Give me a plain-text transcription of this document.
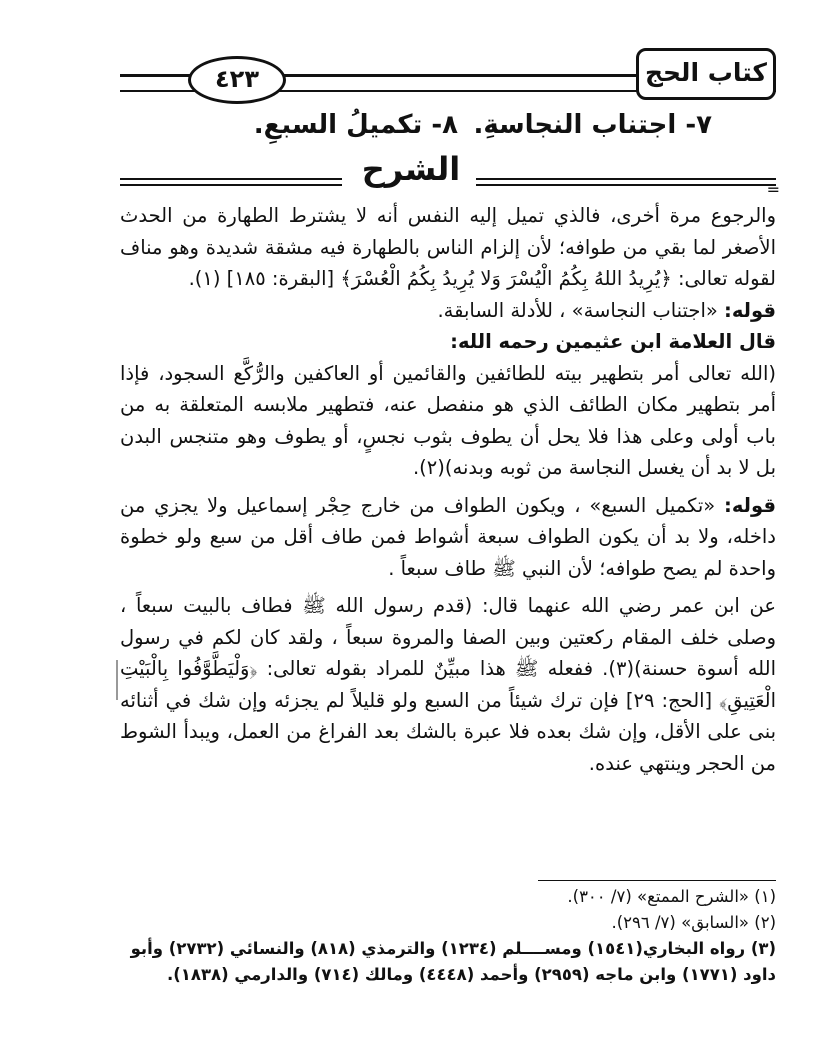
٤٢٣	كتاب الحج
٧- اجتناب النجاسةِ.
٨- تكميلُ السبعِ.
الشرح
=

والرجوع مرة أخرى، فالذي تميل إليه النفس أنه لا يشترط الطهارة من الحدث الأصغر لما بقي من طوافه؛ لأن إلزام الناس بالطهارة فيه مشقة شديدة وهو مناف لقوله تعالى: ﴿يُرِيدُ اللهُ بِكُمُ الْيُسْرَ وَلا يُرِيدُ بِكُمُ الْعُسْرَ﴾ [البقرة: ١٨٥] (١).

قوله: «اجتناب النجاسة» ، للأدلة السابقة.

قال العلامة ابن عثيمين رحمه الله:

(الله تعالى أمر بتطهير بيته للطائفين والقائمين أو العاكفين والرُّكَّع السجود، فإذا أمر بتطهير مكان الطائف الذي هو منفصل عنه، فتطهير ملابسه المتعلقة به من باب أولى وعلى هذا فلا يحل أن يطوف بثوب نجسٍ، أو يطوف وهو متنجس البدن بل لا بد أن يغسل النجاسة من ثوبه وبدنه)(٢).

قوله: «تكميل السبع» ، ويكون الطواف من خارج حِجْر إسماعيل ولا يجزي من داخله، ولا بد أن يكون الطواف سبعة أشواط فمن طاف أقل من سبع ولو خطوة واحدة لم يصح طوافه؛ لأن النبي ﷺ طاف سبعاً .

عن ابن عمر رضي الله عنهما قال: (قدم رسول الله ﷺ فطاف بالبيت سبعاً ، وصلى خلف المقام ركعتين وبين الصفا والمروة سبعاً ، ولقد كان لكم في رسول الله أسوة حسنة)(٣). ففعله ﷺ هذا مبيِّنٌ للمراد بقوله تعالى: ﴿وَلْيَطَّوَّفُوا بِالْبَيْتِ الْعَتِيقِ﴾ [الحج: ٢٩] فإن ترك شيئاً من السبع ولو قليلاً لم يجزئه وإن شك في أثنائه بنى على الأقل، وإن شك بعده فلا عبرة بالشك بعد الفراغ من العمل، ويبدأ الشوط من الحجر وينتهي عنده.

(١) «الشرح الممتع» (٧/ ٣٠٠).

(٢) «السابق» (٧/ ٢٩٦).

(٣) رواه البخاري(١٥٤١) ومســــلم (١٢٣٤) والترمذي (٨١٨) والنسائي (٢٧٣٢) وأبو داود (١٧٧١) وابن ماجه (٢٩٥٩) وأحمد (٤٤٤٨) ومالك (٧١٤) والدارمي (١٨٣٨).
